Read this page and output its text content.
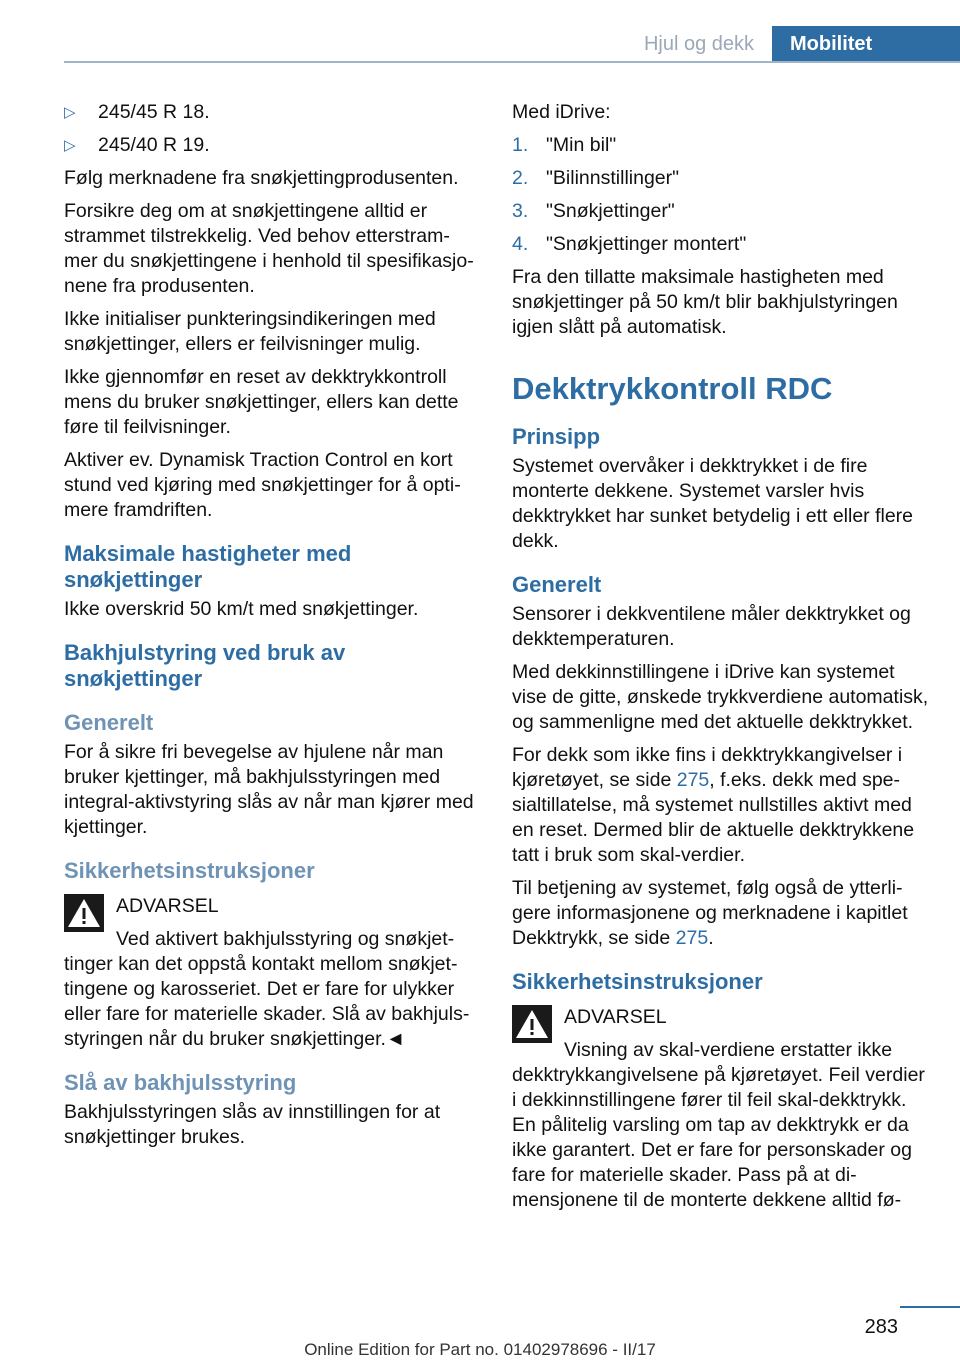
Hjul og dekk	Mobilitet
▷	245/45 R 18.
▷	245/40 R 19.

Følg merknadene fra snøkjettingprodusenten.

Forsikre deg om at snøkjettingene alltid er strammet tilstrekkelig. Ved behov etterstrammer du snøkjettingene i henhold til spesifikasjonene fra produsenten.

Ikke initialiser punkteringsindikeringen med snøkjettinger, ellers er feilvisninger mulig.

Ikke gjennomfør en reset av dekktrykkontroll mens du bruker snøkjettinger, ellers kan dette føre til feilvisninger.

Aktiver ev. Dynamisk Traction Control en kort stund ved kjøring med snøkjettinger for å optimere framdriften.

Maksimale hastigheter med snøkjettinger

Ikke overskrid 50 km/t med snøkjettinger.

Bakhjulstyring ved bruk av snøkjettinger
Generelt

For å sikre fri bevegelse av hjulene når man bruker kjettinger, må bakhjulsstyringen med integral-aktivstyring slås av når man kjører med kjettinger.

Sikkerhetsinstruksjoner

ADVARSEL

Ved aktivert bakhjulsstyring og snøkjettinger kan det oppstå kontakt mellom snøkjettingene og karosseriet. Det er fare for ulykker eller fare for materielle skader. Slå av bakhjulsstyringen når du bruker snøkjettinger.◄

Slå av bakhjulsstyring

Bakhjulsstyringen slås av innstillingen for at snøkjettinger brukes.

Med iDrive:

1. "Min bil"
2. "Bilinnstillinger"
3. "Snøkjettinger"
4. "Snøkjettinger montert"

Fra den tillatte maksimale hastigheten med snøkjettinger på 50 km/t blir bakhjulstyringen igjen slått på automatisk.

Dekktrykkontroll RDC
Prinsipp

Systemet overvåker i dekktrykket i de fire monterte dekkene. Systemet varsler hvis dekktrykket har sunket betydelig i ett eller flere dekk.

Generelt

Sensorer i dekkventilene måler dekktrykket og dekktemperaturen.

Med dekkinnstillingene i iDrive kan systemet vise de gitte, ønskede trykkverdiene automatisk, og sammenligne med det aktuelle dekktrykket.

For dekk som ikke fins i dekktrykkangivelser i kjøretøyet, se side 275, f.eks. dekk med spesialtillatelse, må systemet nullstilles aktivt med en reset. Dermed blir de aktuelle dekktrykkene tatt i bruk som skal-verdier.

Til betjening av systemet, følg også de ytterligere informasjonene og merknadene i kapitlet Dekktrykk, se side 275.

Sikkerhetsinstruksjoner

ADVARSEL

Visning av skal-verdiene erstatter ikke dekktrykkangivelsene på kjøretøyet. Feil verdier i dekkinnstillingene fører til feil skal-dekktrykk. En pålitelig varsling om tap av dekktrykk er da ikke garantert. Det er fare for personskader og fare for materielle skader. Pass på at dimensjonene til de monterte dekkene alltid fø-

283
Online Edition for Part no. 01402978696 - II/17
